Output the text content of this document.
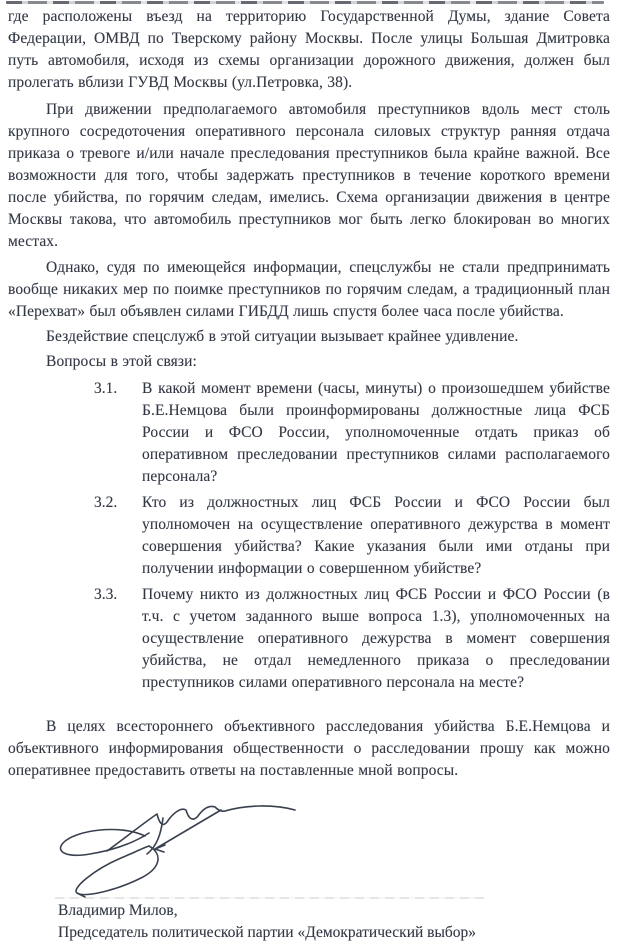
где расположены въезд на территорию Государственной Думы, здание Совета Федерации, ОМВД по Тверскому району Москвы. После улицы Большая Дмитровка путь автомобиля, исходя из схемы организации дорожного движения, должен был пролегать вблизи ГУВД Москвы (ул.Петровка, 38).

При движении предполагаемого автомобиля преступников вдоль мест столь крупного сосредоточения оперативного персонала силовых структур ранняя отдача приказа о тревоге и/или начале преследования преступников была крайне важной. Все возможности для того, чтобы задержать преступников в течение короткого времени после убийства, по горячим следам, имелись. Схема организации движения в центре Москвы такова, что автомобиль преступников мог быть легко блокирован во многих местах.

Однако, судя по имеющейся информации, спецслужбы не стали предпринимать вообще никаких мер по поимке преступников по горячим следам, а традиционный план «Перехват» был объявлен силами ГИБДД лишь спустя более часа после убийства.

Бездействие спецслужб в этой ситуации вызывает крайнее удивление.

Вопросы в этой связи:

3.1.	В какой момент времени (часы, минуты) о произошедшем убийстве Б.Е.Немцова были проинформированы должностные лица ФСБ России и ФСО России, уполномоченные отдать приказ об оперативном преследовании преступников силами располагаемого персонала?
3.2.	Кто из должностных лиц ФСБ России и ФСО России был уполномочен на осуществление оперативного дежурства в момент совершения убийства? Какие указания были ими отданы при получении информации о совершенном убийстве?
3.3.	Почему никто из должностных лиц ФСБ России и ФСО России (в т.ч. с учетом заданного выше вопроса 1.3), уполномоченных на осуществление оперативного дежурства в момент совершения убийства, не отдал немедленного приказа о преследовании преступников силами оперативного персонала на месте?

В целях всестороннего объективного расследования убийства Б.Е.Немцова и объективного информирования общественности о расследовании прошу как можно оперативнее предоставить ответы на поставленные мной вопросы.

Владимир Милов,
Председатель политической партии «Демократический выбор»
